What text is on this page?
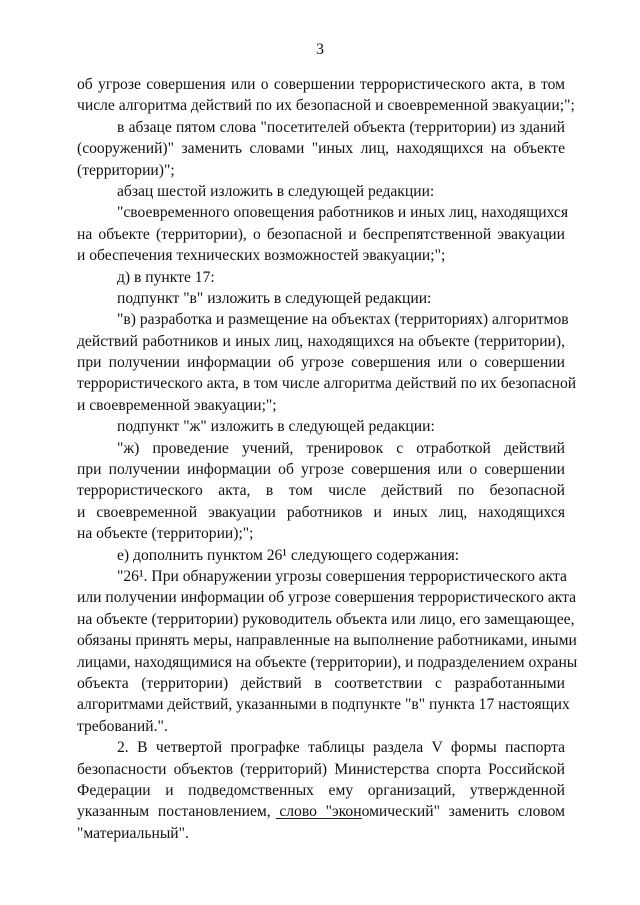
3
об угрозе совершения или о совершении террористического акта, в том
числе алгоритма действий по их безопасной и своевременной эвакуации;";
в абзаце пятом слова "посетителей объекта (территории) из зданий
(сооружений)" заменить словами "иных лиц, находящихся на объекте
(территории)";
абзац шестой изложить в следующей редакции:
"своевременного оповещения работников и иных лиц, находящихся
на объекте (территории), о безопасной и беспрепятственной эвакуации
и обеспечения технических возможностей эвакуации;";
д) в пункте 17:
подпункт "в" изложить в следующей редакции:
"в) разработка и размещение на объектах (территориях) алгоритмов
действий работников и иных лиц, находящихся на объекте (территории),
при получении информации об угрозе совершения или о совершении
террористического акта, в том числе алгоритма действий по их безопасной
и своевременной эвакуации;";
подпункт "ж" изложить в следующей редакции:
"ж) проведение учений, тренировок с отработкой действий
при получении информации об угрозе совершения или о совершении
террористического акта, в том числе действий по безопасной
и своевременной эвакуации работников и иных лиц, находящихся
на объекте (территории);";
е) дополнить пунктом 26¹ следующего содержания:
"26¹. При обнаружении угрозы совершения террористического акта
или получении информации об угрозе совершения террористического акта
на объекте (территории) руководитель объекта или лицо, его замещающее,
обязаны принять меры, направленные на выполнение работниками, иными
лицами, находящимися на объекте (территории), и подразделением охраны
объекта (территории) действий в соответствии с разработанными
алгоритмами действий, указанными в подпункте "в" пункта 17 настоящих
требований.".
2. В четвертой прографке таблицы раздела V формы паспорта
безопасности объектов (территорий) Министерства спорта Российской
Федерации и подведомственных ему организаций, утвержденной
указанным постановлением, слово "экономический" заменить словом
"материальный".
